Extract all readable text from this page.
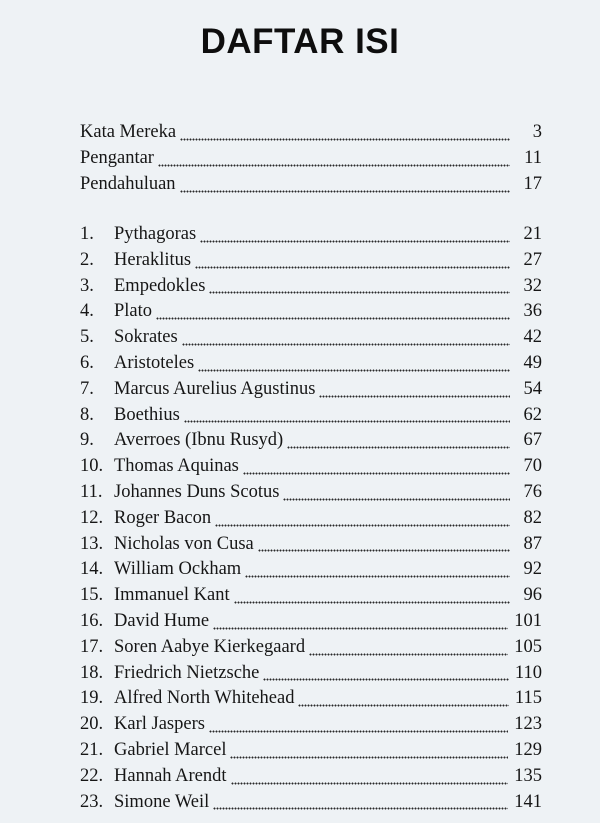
DAFTAR ISI
Kata Mereka	3
Pengantar	11
Pendahuluan	17
1.	Pythagoras	21
2.	Heraklitus	27
3.	Empedokles	32
4.	Plato	36
5.	Sokrates	42
6.	Aristoteles	49
7.	Marcus Aurelius Agustinus	54
8.	Boethius	62
9.	Averroes (Ibnu Rusyd)	67
10. Thomas Aquinas	70
11. Johannes Duns Scotus	76
12. Roger Bacon	82
13. Nicholas von Cusa	87
14. William Ockham	92
15. Immanuel Kant	96
16. David Hume	101
17. Soren Aabye Kierkegaard	105
18. Friedrich Nietzsche	110
19. Alfred North Whitehead	115
20. Karl Jaspers	123
21. Gabriel Marcel	129
22. Hannah Arendt	135
23. Simone Weil	141
